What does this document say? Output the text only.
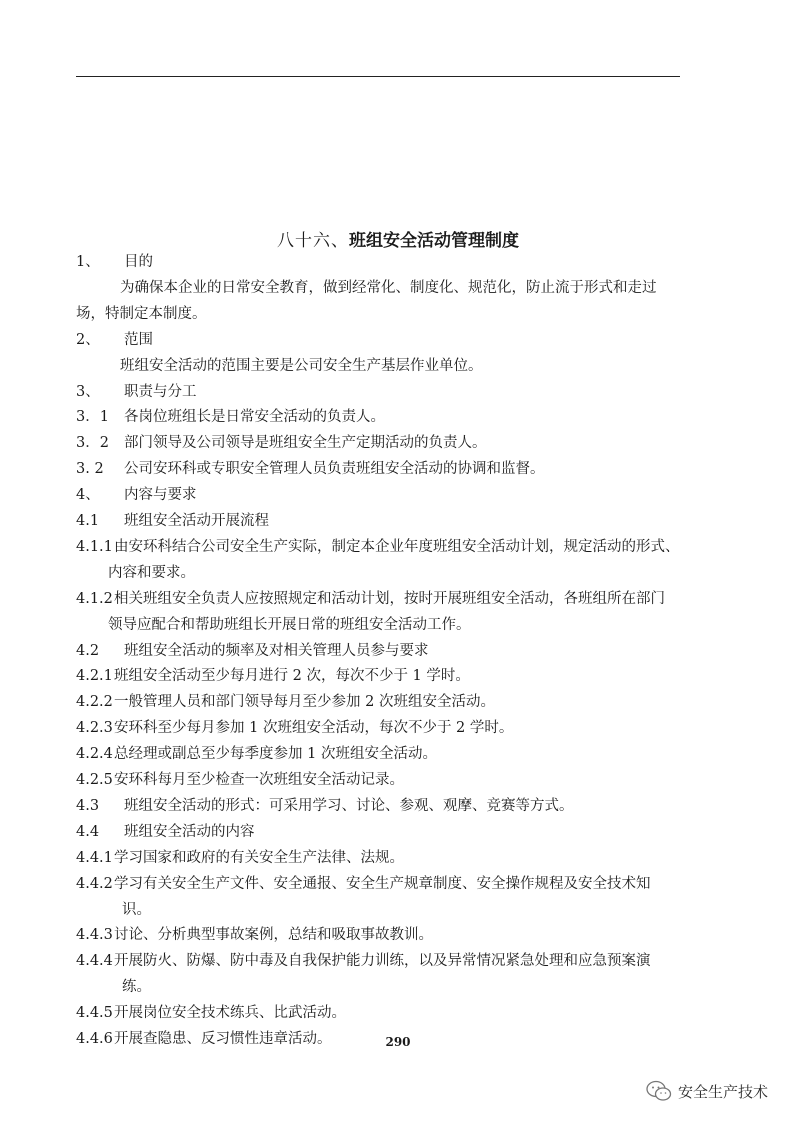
八十六、班组安全活动管理制度
1、 目的
为确保本企业的日常安全教育，做到经常化、制度化、规范化，防止流于形式和走过
场，特制定本制度。
2、 范围
班组安全活动的范围主要是公司安全生产基层作业单位。
3、 职责与分工
3．1 各岗位班组长是日常安全活动的负责人。
3．2 部门领导及公司领导是班组安全生产定期活动的负责人。
3. 2 公司安环科或专职安全管理人员负责班组安全活动的协调和监督。
4、 内容与要求
4.1 班组安全活动开展流程
4.1.1由安环科结合公司安全生产实际，制定本企业年度班组安全活动计划，规定活动的形式、
内容和要求。
4.1.2相关班组安全负责人应按照规定和活动计划，按时开展班组安全活动，各班组所在部门
领导应配合和帮助班组长开展日常的班组安全活动工作。
4.2 班组安全活动的频率及对相关管理人员参与要求
4.2.1班组安全活动至少每月进行 2 次，每次不少于 1 学时。
4.2.2一般管理人员和部门领导每月至少参加 2 次班组安全活动。
4.2.3安环科至少每月参加 1 次班组安全活动，每次不少于 2 学时。
4.2.4总经理或副总至少每季度参加 1 次班组安全活动。
4.2.5安环科每月至少检查一次班组安全活动记录。
4.3 班组安全活动的形式：可采用学习、讨论、参观、观摩、竞赛等方式。
4.4 班组安全活动的内容
4.4.1学习国家和政府的有关安全生产法律、法规。
4.4.2学习有关安全生产文件、安全通报、安全生产规章制度、安全操作规程及安全技术知
识。
4.4.3讨论、分析典型事故案例，总结和吸取事故教训。
4.4.4开展防火、防爆、防中毒及自我保护能力训练，以及异常情况紧急处理和应急预案演
练。
4.4.5开展岗位安全技术练兵、比武活动。
4.4.6开展查隐患、反习惯性违章活动。	290
安全生产技术
